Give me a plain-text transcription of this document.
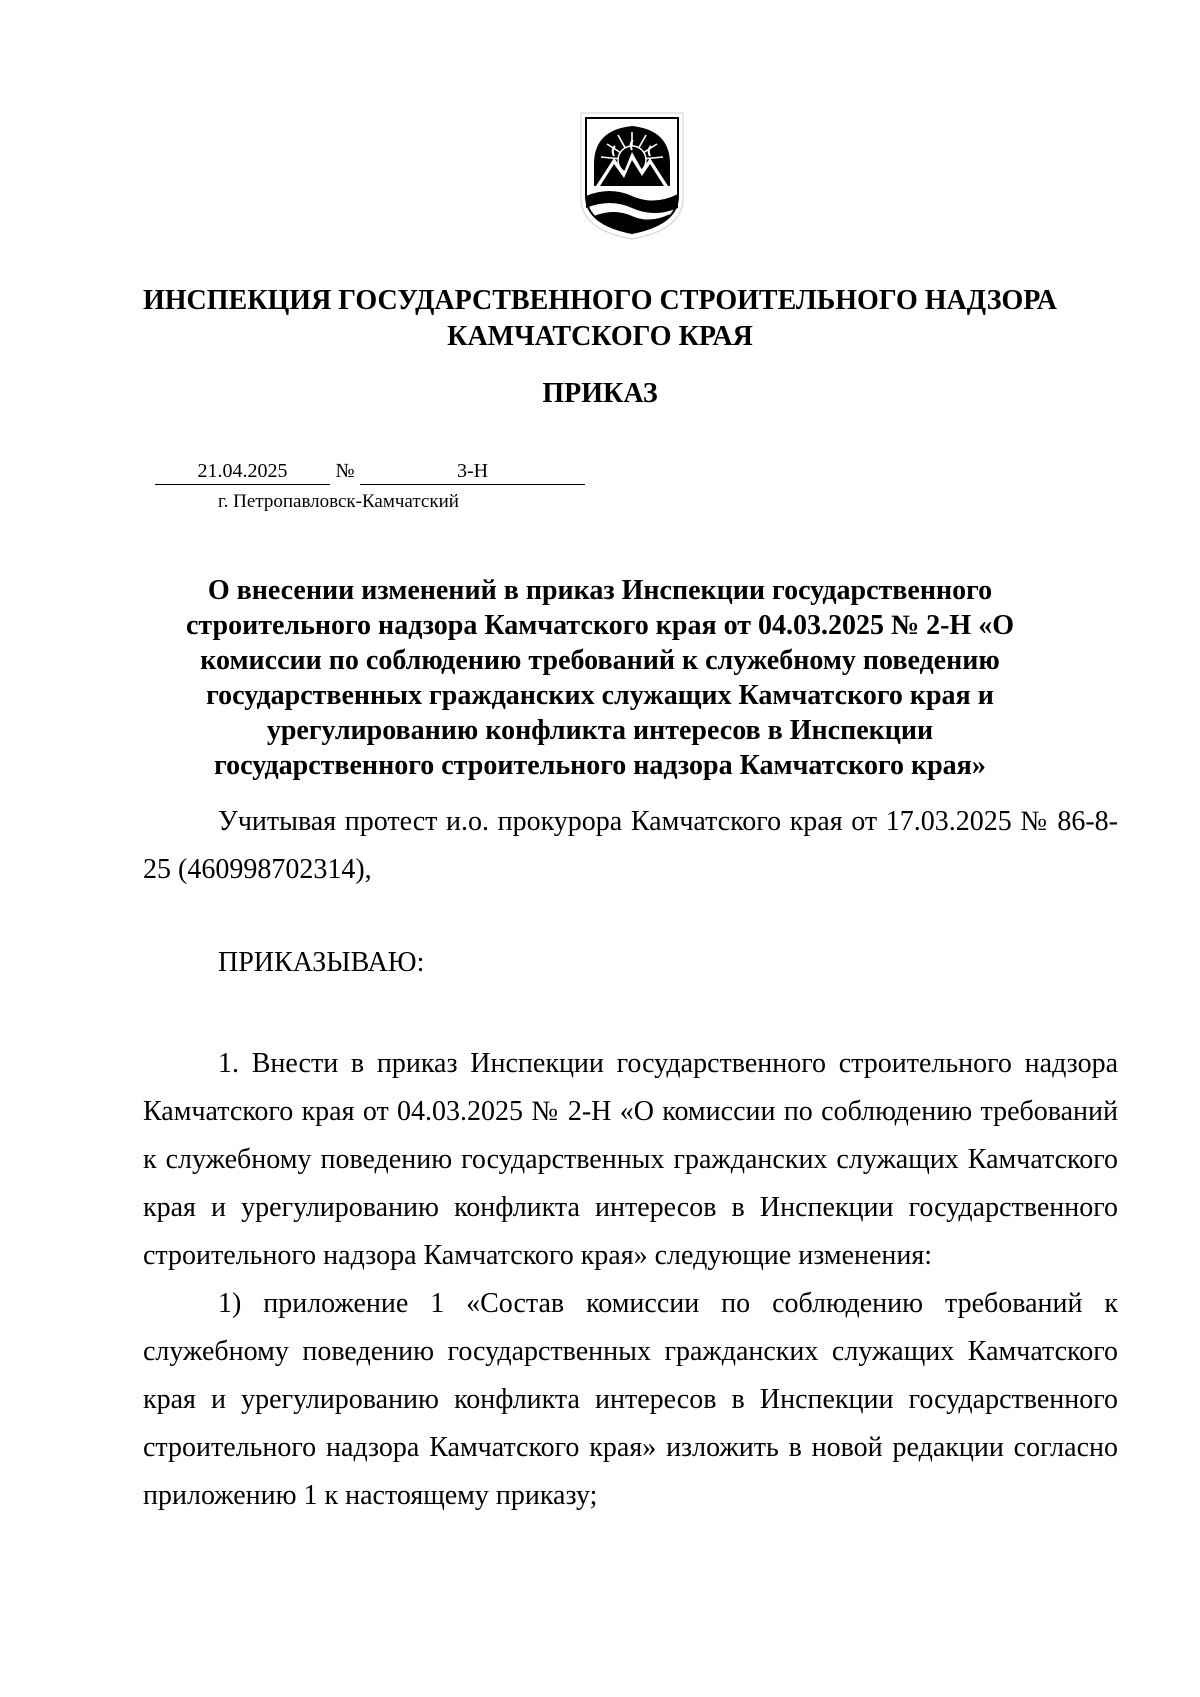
ИНСПЕКЦИЯ ГОСУДАРСТВЕННОГО СТРОИТЕЛЬНОГО НАДЗОРА
КАМЧАТСКОГО КРАЯ
ПРИКАЗ
21.04.2025	№	3-Н
г. Петропавловск-Камчатский
О внесении изменений в приказ Инспекции государственного строительного надзора Камчатского края от 04.03.2025 № 2-Н «О комиссии по соблюдению требований к служебному поведению государственных гражданских служащих Камчатского края и урегулированию конфликта интересов в Инспекции государственного строительного надзора Камчатского края»

Учитывая протест и.о. прокурора Камчатского края от 17.03.2025 № 86-8-25 (460998702314),

ПРИКАЗЫВАЮ:

1. Внести в приказ Инспекции государственного строительного надзора Камчатского края от 04.03.2025 № 2-Н «О комиссии по соблюдению требований к служебному поведению государственных гражданских служащих Камчатского края и урегулированию конфликта интересов в Инспекции государственного строительного надзора Камчатского края» следующие изменения:

1) приложение 1 «Состав комиссии по соблюдению требований к служебному поведению государственных гражданских служащих Камчатского края и урегулированию конфликта интересов в Инспекции государственного строительного надзора Камчатского края» изложить в новой редакции согласно приложению 1 к настоящему приказу;
